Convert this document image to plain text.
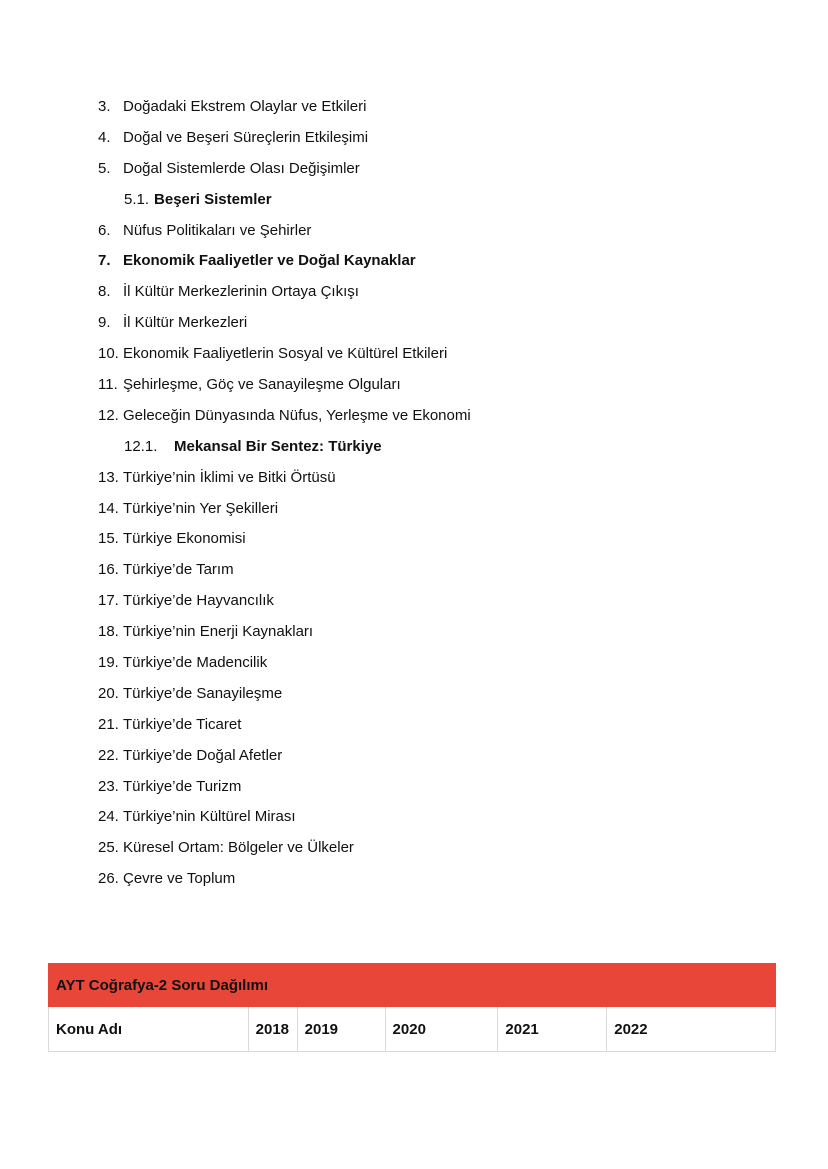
3. Doğadaki Ekstrem Olaylar ve Etkileri
4. Doğal ve Beşeri Süreçlerin Etkileşimi
5. Doğal Sistemlerde Olası Değişimler
5.1. Beşeri Sistemler
6. Nüfus Politikaları ve Şehirler
7. Ekonomik Faaliyetler ve Doğal Kaynaklar
8. İl Kültür Merkezlerinin Ortaya Çıkışı
9. İl Kültür Merkezleri
10. Ekonomik Faaliyetlerin Sosyal ve Kültürel Etkileri
11. Şehirleşme, Göç ve Sanayileşme Olguları
12. Geleceğin Dünyasında Nüfus, Yerleşme ve Ekonomi
12.1. Mekansal Bir Sentez: Türkiye
13. Türkiye’nin İklimi ve Bitki Örtüsü
14. Türkiye’nin Yer Şekilleri
15. Türkiye Ekonomisi
16. Türkiye’de Tarım
17. Türkiye’de Hayvancılık
18. Türkiye’nin Enerji Kaynakları
19. Türkiye’de Madencilik
20. Türkiye’de Sanayileşme
21. Türkiye’de Ticaret
22. Türkiye’de Doğal Afetler
23. Türkiye’de Turizm
24. Türkiye’nin Kültürel Mirası
25. Küresel Ortam: Bölgeler ve Ülkeler
26. Çevre ve Toplum
AYT Coğrafya-2 Soru Dağılımı
Konu Adı	2018	2019	2020	2021	2022
